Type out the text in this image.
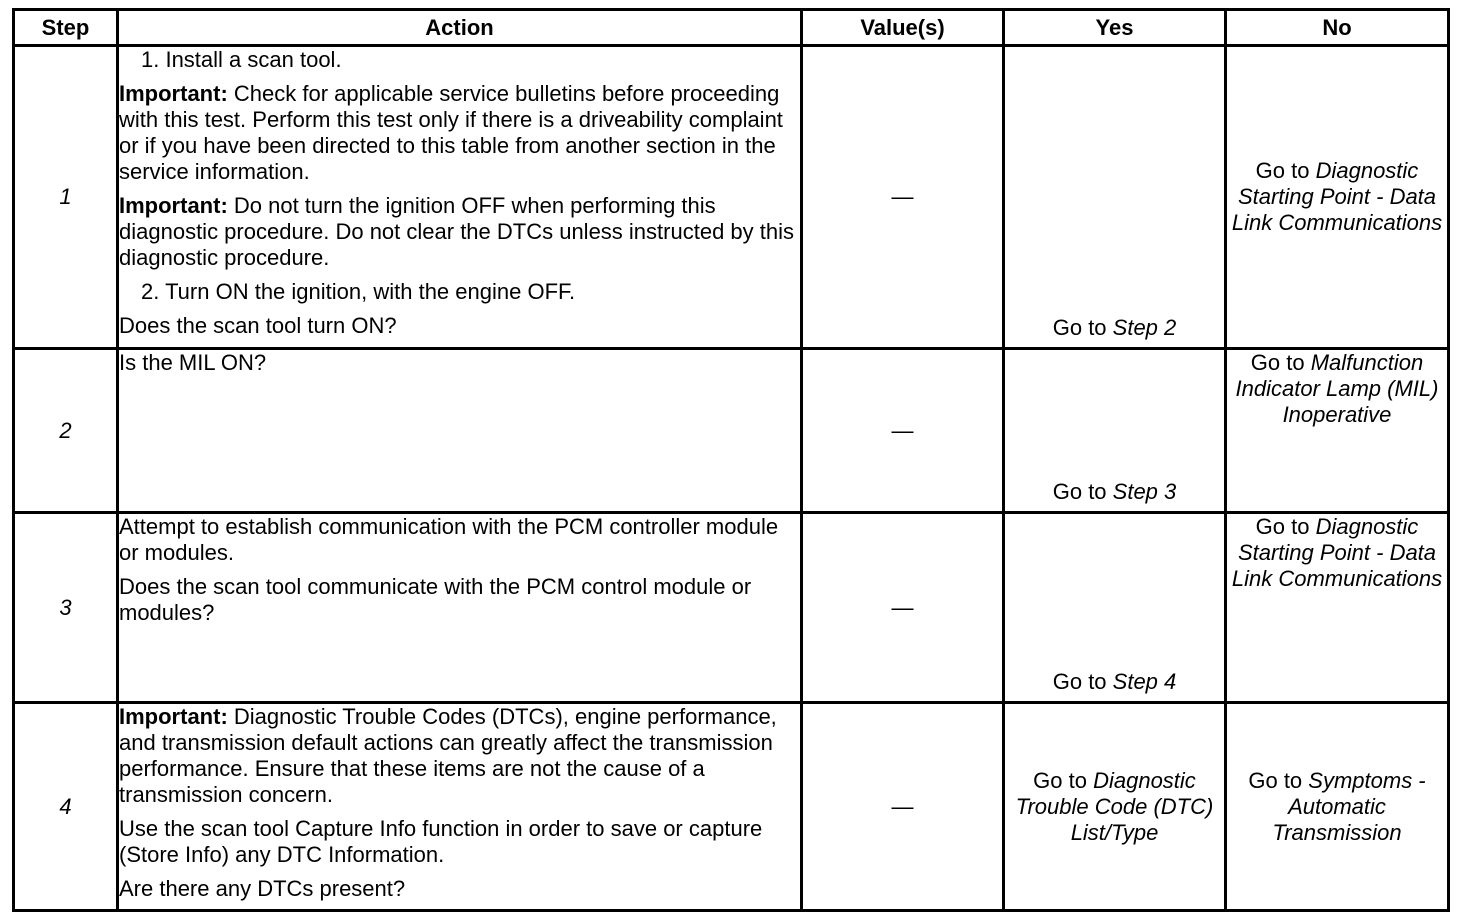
Step	Action	Value(s)	Yes	No
1	1. Install a scan tool.

Important: Check for applicable service bulletins before proceeding with this test. Perform this test only if there is a driveability complaint or if you have been directed to this table from another section in the service information.

Important: Do not turn the ignition OFF when performing this diagnostic procedure. Do not clear the DTCs unless instructed by this diagnostic procedure.

2. Turn ON the ignition, with the engine OFF.

Does the scan tool turn ON?	—	Go to Step 2	Go to Diagnostic Starting Point - Data Link Communications
2	Is the MIL ON?	—	Go to Step 3	Go to Malfunction Indicator Lamp (MIL) Inoperative
3	Attempt to establish communication with the PCM controller module or modules.

Does the scan tool communicate with the PCM control module or modules?	—	Go to Step 4	Go to Diagnostic Starting Point - Data Link Communications
4	Important: Diagnostic Trouble Codes (DTCs), engine performance, and transmission default actions can greatly affect the transmission performance. Ensure that these items are not the cause of a transmission concern.

Use the scan tool Capture Info function in order to save or capture (Store Info) any DTC Information.

Are there any DTCs present?	—	Go to Diagnostic Trouble Code (DTC) List/Type	Go to Symptoms - Automatic Transmission
